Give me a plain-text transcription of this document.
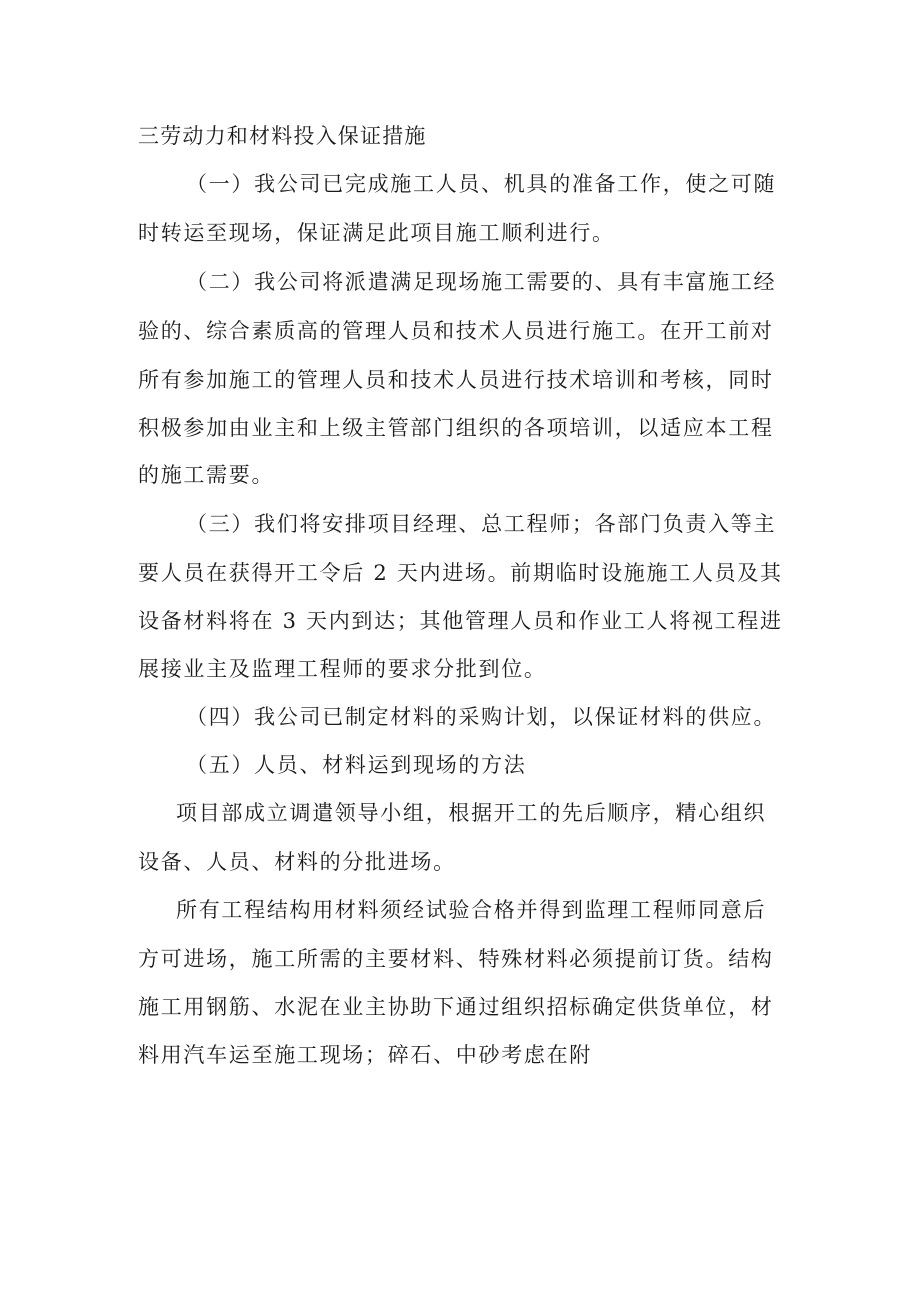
三劳动力和材料投入保证措施
（一）我公司已完成施工人员、机具的准备工作，使之可随
时转运至现场，保证满足此项目施工顺利进行。
（二）我公司将派遣满足现场施工需要的、具有丰富施工经
验的、综合素质高的管理人员和技术人员进行施工。在开工前对
所有参加施工的管理人员和技术人员进行技术培训和考核，同时
积极参加由业主和上级主管部门组织的各项培训，以适应本工程
的施工需要。
（三）我们将安排项目经理、总工程师；各部门负责入等主
要人员在获得开工令后 2 天内进场。前期临时设施施工人员及其
设备材料将在 3 天内到达；其他管理人员和作业工人将视工程进
展接业主及监理工程师的要求分批到位。
（四）我公司已制定材料的采购计划，以保证材料的供应。
（五）人员、材料运到现场的方法
项目部成立调遣领导小组，根据开工的先后顺序，精心组织
设备、人员、材料的分批进场。
所有工程结构用材料须经试验合格并得到监理工程师同意后
方可进场，施工所需的主要材料、特殊材料必须提前订货。结构
施工用钢筋、水泥在业主协助下通过组织招标确定供货单位，材
料用汽车运至施工现场；碎石、中砂考虑在附
